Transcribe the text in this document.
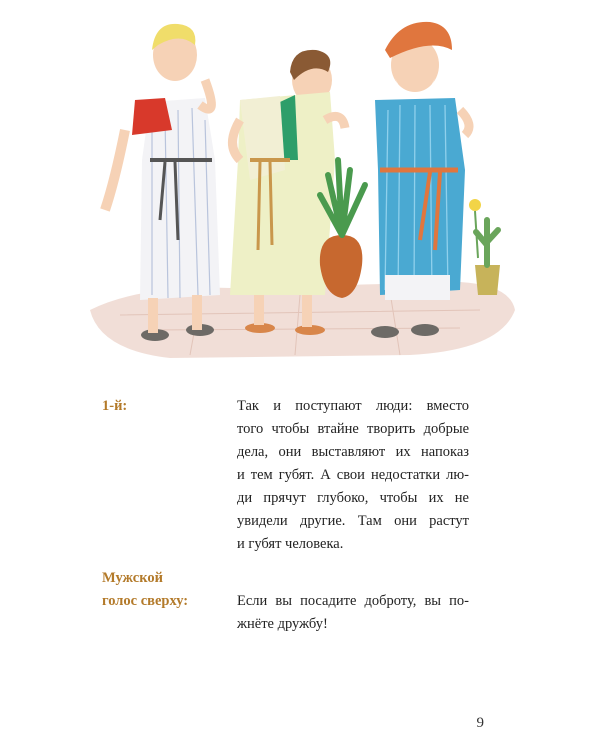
1-й:	Так и поступают люди: вместо
того чтобы втайне творить добрые
дела, они выставляют их напоказ
и тем губят. А свои недостатки лю-
ди прячут глубоко, чтобы их не
увидели другие. Там они растут
и губят человека.
Мужской
голос сверху:	Если вы посадите доброту, вы по-
жнёте дружбу!
9
